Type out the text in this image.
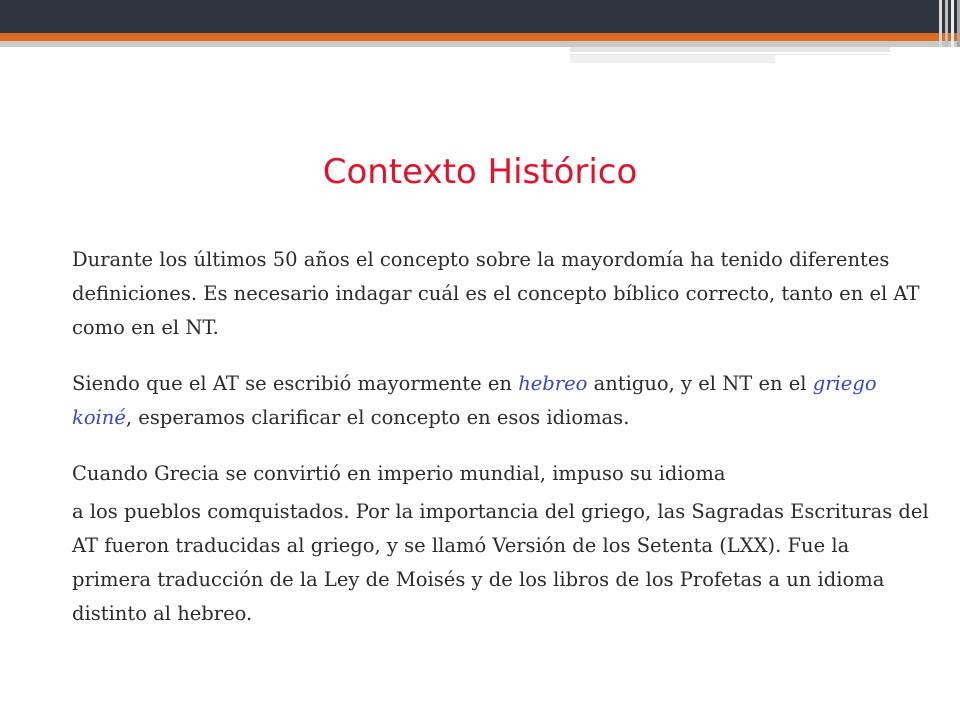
Contexto Histórico

Durante los últimos 50 años el concepto sobre la mayordomía ha tenido diferentes definiciones. Es necesario indagar cuál es el concepto bíblico correcto, tanto en el AT como en el NT.

Siendo que el AT se escribió mayormente en hebreo antiguo, y el NT en el griego koiné, esperamos clarificar el concepto en esos idiomas.

Cuando Grecia se convirtió en imperio mundial, impuso su idioma
a los pueblos comquistados. Por la importancia del griego, las Sagradas Escrituras del AT fueron traducidas al griego, y se llamó Versión de los Setenta (LXX). Fue la primera traducción de la Ley de Moisés y de los libros de los Profetas a un idioma distinto al hebreo.
